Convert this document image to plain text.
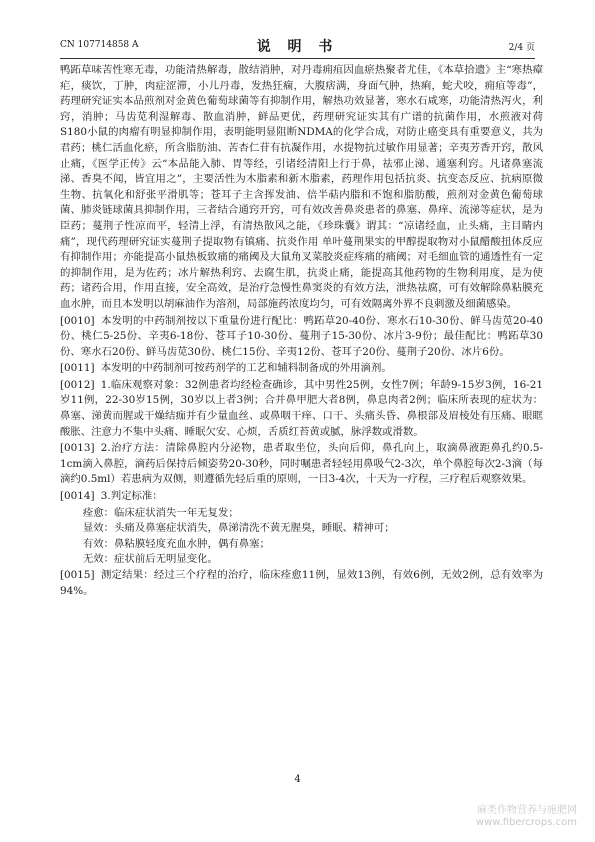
CN 107714858 A	说 明 书	2/4 页

鸭跖草味苦性寒无毒，功能清热解毒，散结消肿，对丹毒痈疽因血瘀热聚者尤佳，《本草拾遗》主“寒热瘴疟，痰饮，丁肿，肉症涩滞，小儿丹毒，发热狂痫，大腹痞满，身面气肿，热痢，蛇犬咬，痈疽等毒”，药理研究证实本品煎剂对金黄色葡萄球菌等有抑制作用，解热功效显著，寒水石咸寒，功能清热泻火，利窍，消肿；马齿苋利湿解毒、散血消肿，鲜品更优，药理研究证实其有广谱的抗菌作用，水煎液对荷S180小鼠的肉瘤有明显抑制作用，表明能明显阻断NDMA的化学合成，对防止癌变具有重要意义，共为君药；桃仁活血化瘀，所含脂肪油、苦杏仁苷有抗凝作用，水提物抗过敏作用显著；辛夷芳香开窍，散风止痛，《医学正传》云“本品能入肺、胃等经，引诸经清阳上行于鼻，祛邪止涕、通塞利窍。凡诸鼻塞流涕、香臭不闻，皆宜用之”，主要活性为木脂素和新木脂素，药理作用包括抗炎、抗变态反应、抗病原微生物、抗氧化和舒张平滑肌等；苍耳子主含挥发油、倍半萜内脂和不饱和脂肪酸，煎剂对金黄色葡萄球菌、肺炎链球菌具抑制作用，三者结合通窍开窍，可有效改善鼻炎患者的鼻塞、鼻痒、流涕等症状，是为臣药；蔓荆子性凉而平，轻清上浮，有清热散风之能，《珍珠囊》谓其：“凉诸经血，止头痛，主目睛内痛”，现代药理研究证实蔓荆子提取物有镇痛、抗炎作用 单叶蔓荆果实的甲醇提取物对小鼠醋酸扭体反应有抑制作用；亦能提高小鼠热板致痛的痛阈及大鼠角叉菜胶炎症疼痛的痛阈；对毛细血管的通透性有一定的抑制作用，是为佐药；冰片解热利窍、去腐生肌，抗炎止痛，能提高其他药物的生物利用度，是为使药；诸药合用，作用直接，安全高效，是治疗急慢性鼻窦炎的有效方法，泄热祛腐，可有效解除鼻粘膜充血水肿，而且本发明以胡麻油作为溶剂，局部施药浓度均匀，可有效隔离外界不良刺激及细菌感染。

[0010] 本发明的中药制剂按以下重量份进行配比：鸭跖草20-40份、寒水石10-30份、鲜马齿苋20-40份、桃仁5-25份、辛夷6-18份、苍耳子10-30份、蔓荆子15-30份、冰片3-9份；最佳配比：鸭跖草30份、寒水石20份、鲜马齿苋30份、桃仁15份、辛夷12份、苍耳子20份、蔓荆子20份、冰片6份。

[0011] 本发明的中药制剂可按药剂学的工艺和辅料制备成的外用滴剂。

[0012] 1.临床观察对象：32例患者均经检查确诊，其中男性25例，女性7例；年龄9-15岁3例，16-21岁11例，22-30岁15例，30岁以上者3例；合并鼻甲肥大者8例，鼻息肉者2例；临床所表现的症状为：鼻塞、涕黄而腥或干燥结痂并有少量血丝、或鼻咽干痒、口干、头痛头昏、鼻根部及眉棱处有压痛、眼眶酸胀、注意力不集中头痛、睡眠欠安、心烦，舌质红苔黄或腻，脉浮数或滑数。

[0013] 2.治疗方法：清除鼻腔内分泌物，患者取坐位，头向后仰，鼻孔向上，取滴鼻液距鼻孔约0.5-1cm滴入鼻腔，滴药后保持后倾姿势20-30秒，同时嘱患者轻轻用鼻吸气2-3次，单个鼻腔每次2-3滴（每滴约0.5ml）若患病为双侧，则遵循先轻后重的原则，一日3-4次，十天为一疗程，三疗程后观察效果。

[0014] 3.判定标准：

痊愈：临床症状消失一年无复发；
显效：头痛及鼻塞症状消失，鼻涕清洗不黄无腥臭，睡眠、精神可；
有效：鼻粘膜轻度充血水肿，偶有鼻塞；
无效：症状前后无明显变化。

[0015] 测定结果：经过三个疗程的治疗，临床痊愈11例，显效13例，有效6例，无效2例，总有效率为94%。

4
麻类作物营养与施肥网
www.fibercrops.com
